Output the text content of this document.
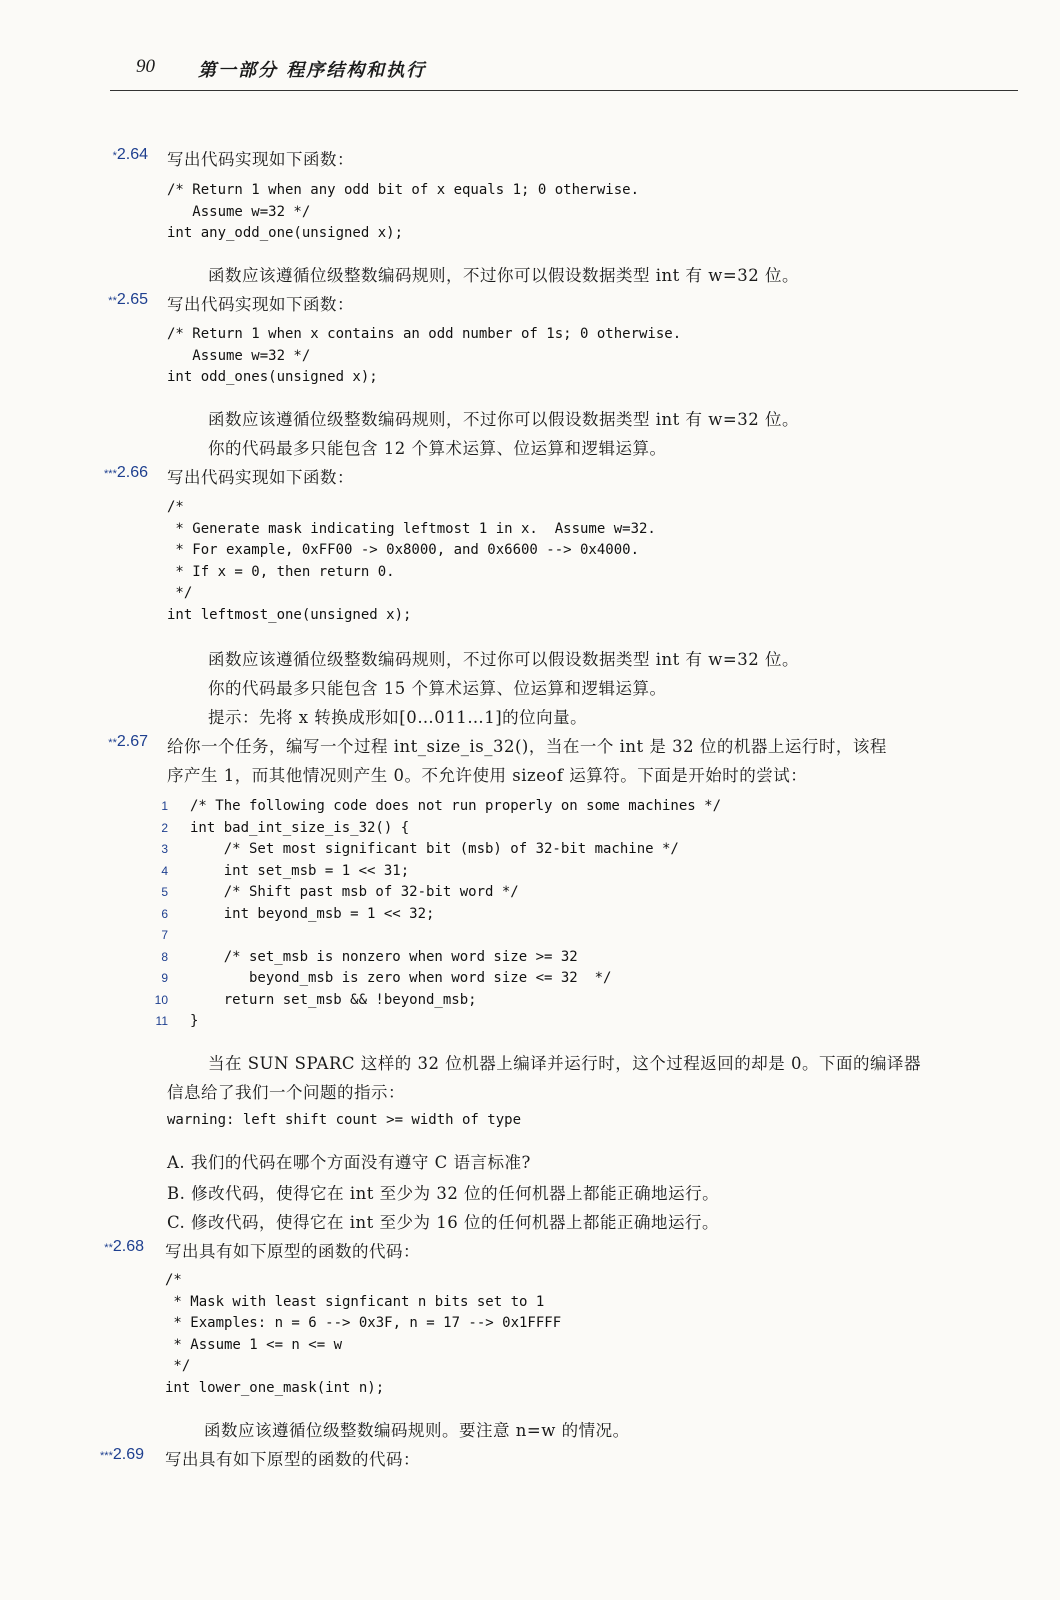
90 第一部分 程序结构和执行
*2.64 写出代码实现如下函数：
/* Return 1 when any odd bit of x equals 1; 0 otherwise.
Assume w=32 */
int any_odd_one(unsigned x);
函数应该遵循位级整数编码规则，不过你可以假设数据类型 int 有 w=32 位。
**2.65 写出代码实现如下函数：
/* Return 1 when x contains an odd number of 1s; 0 otherwise.
Assume w=32 */
int odd_ones(unsigned x);
函数应该遵循位级整数编码规则，不过你可以假设数据类型 int 有 w=32 位。
你的代码最多只能包含 12 个算术运算、位运算和逻辑运算。
***2.66 写出代码实现如下函数：
/*
* Generate mask indicating leftmost 1 in x.  Assume w=32.
* For example, 0xFF00 -> 0x8000, and 0x6600 --> 0x4000.
* If x = 0, then return 0.
*/
int leftmost_one(unsigned x);
函数应该遵循位级整数编码规则，不过你可以假设数据类型 int 有 w=32 位。
你的代码最多只能包含 15 个算术运算、位运算和逻辑运算。
提示：先将 x 转换成形如[0…011…1]的位向量。
**2.67 给你一个任务，编写一个过程 int_size_is_32()，当在一个 int 是 32 位的机器上运行时，该程
序产生 1，而其他情况则产生 0。不允许使用 sizeof 运算符。下面是开始时的尝试：
1 /* The following code does not run properly on some machines */
2 int bad_int_size_is_32() {
3    /* Set most significant bit (msb) of 32-bit machine */
4    int set_msb = 1 << 31;
5    /* Shift past msb of 32-bit word */
6    int beyond_msb = 1 << 32;
7
8    /* set_msb is nonzero when word size >= 32
9       beyond_msb is zero when word size <= 32  */
10    return set_msb && !beyond_msb;
11 }
当在 SUN SPARC 这样的 32 位机器上编译并运行时，这个过程返回的却是 0。下面的编译器
信息给了我们一个问题的指示：
warning: left shift count >= width of type
A. 我们的代码在哪个方面没有遵守 C 语言标准?
B. 修改代码，使得它在 int 至少为 32 位的任何机器上都能正确地运行。
C. 修改代码，使得它在 int 至少为 16 位的任何机器上都能正确地运行。
**2.68 写出具有如下原型的函数的代码：
/*
* Mask with least signficant n bits set to 1
* Examples: n = 6 --> 0x3F, n = 17 --> 0x1FFFF
* Assume 1 <= n <= w
*/
int lower_one_mask(int n);
函数应该遵循位级整数编码规则。要注意 n=w 的情况。
***2.69 写出具有如下原型的函数的代码：
